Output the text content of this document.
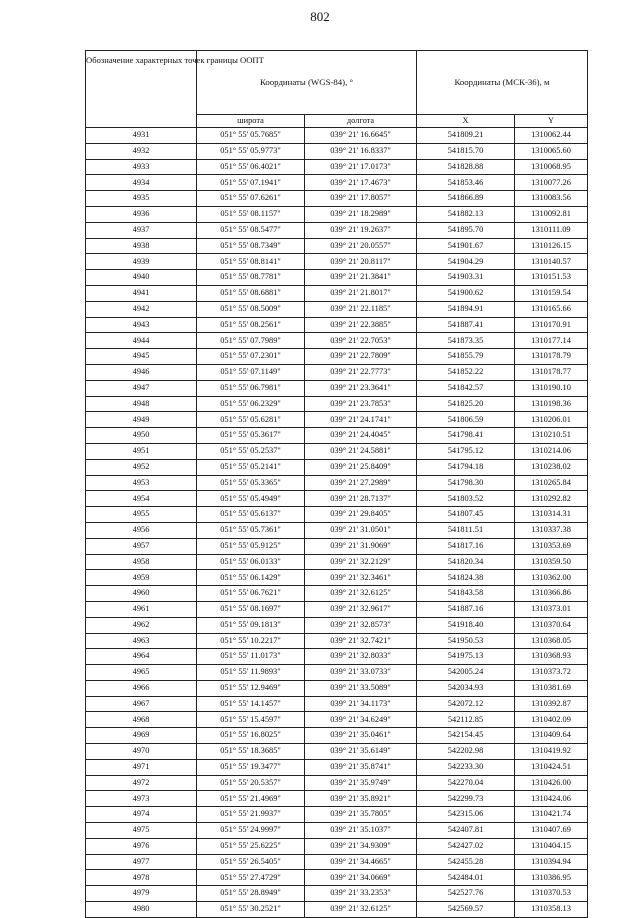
802
Обозначение характерных точек границы ООПТ	Координаты (WGS-84), °		Координаты (МСК-36), м	
	широта	долгота	X	Y
4931	051° 55' 05.7685"	039° 21' 16.6645"	541809.21	1310062.44
4932	051° 55' 05.9773"	039° 21' 16.8337"	541815.70	1310065.60
4933	051° 55' 06.4021"	039° 21' 17.0173"	541828.88	1310068.95
4934	051° 55' 07.1941"	039° 21' 17.4673"	541853.46	1310077.26
4935	051° 55' 07.6261"	039° 21' 17.8057"	541866.89	1310083.56
4936	051° 55' 08.1157"	039° 21' 18.2989"	541882.13	1310092.81
4937	051° 55' 08.5477"	039° 21' 19.2637"	541895.70	1310111.09
4938	051° 55' 08.7349"	039° 21' 20.0557"	541901.67	1310126.15
4939	051° 55' 08.8141"	039° 21' 20.8117"	541904.29	1310140.57
4940	051° 55' 08.7781"	039° 21' 21.3841"	541903.31	1310151.53
4941	051° 55' 08.6881"	039° 21' 21.8017"	541900.62	1310159.54
4942	051° 55' 08.5009"	039° 21' 22.1185"	541894.91	1310165.66
4943	051° 55' 08.2561"	039° 21' 22.3885"	541887.41	1310170.91
4944	051° 55' 07.7989"	039° 21' 22.7053"	541873.35	1310177.14
4945	051° 55' 07.2301"	039° 21' 22.7809"	541855.79	1310178.79
4946	051° 55' 07.1149"	039° 21' 22.7773"	541852.22	1310178.77
4947	051° 55' 06.7981"	039° 21' 23.3641"	541842.57	1310190.10
4948	051° 55' 06.2329"	039° 21' 23.7853"	541825.20	1310198.36
4949	051° 55' 05.6281"	039° 21' 24.1741"	541806.59	1310206.01
4950	051° 55' 05.3617"	039° 21' 24.4045"	541798.41	1310210.51
4951	051° 55' 05.2537"	039° 21' 24.5881"	541795.12	1310214.06
4952	051° 55' 05.2141"	039° 21' 25.8409"	541794.18	1310238.02
4953	051° 55' 05.3365"	039° 21' 27.2989"	541798.30	1310265.84
4954	051° 55' 05.4949"	039° 21' 28.7137"	541803.52	1310292.82
4955	051° 55' 05.6137"	039° 21' 29.8405"	541807.45	1310314.31
4956	051° 55' 05.7361"	039° 21' 31.0501"	541811.51	1310337.38
4957	051° 55' 05.9125"	039° 21' 31.9069"	541817.16	1310353.69
4958	051° 55' 06.0133"	039° 21' 32.2129"	541820.34	1310359.50
4959	051° 55' 06.1429"	039° 21' 32.3461"	541824.38	1310362.00
4960	051° 55' 06.7621"	039° 21' 32.6125"	541843.58	1310366.86
4961	051° 55' 08.1697"	039° 21' 32.9617"	541887.16	1310373.01
4962	051° 55' 09.1813"	039° 21' 32.8573"	541918.40	1310370.64
4963	051° 55' 10.2217"	039° 21' 32.7421"	541950.53	1310368.05
4964	051° 55' 11.0173"	039° 21' 32.8033"	541975.13	1310368.93
4965	051° 55' 11.9893"	039° 21' 33.0733"	542005.24	1310373.72
4966	051° 55' 12.9469"	039° 21' 33.5089"	542034.93	1310381.69
4967	051° 55' 14.1457"	039° 21' 34.1173"	542072.12	1310392.87
4968	051° 55' 15.4597"	039° 21' 34.6249"	542112.85	1310402.09
4969	051° 55' 16.8025"	039° 21' 35.0461"	542154.45	1310409.64
4970	051° 55' 18.3685"	039° 21' 35.6149"	542202.98	1310419.92
4971	051° 55' 19.3477"	039° 21' 35.8741"	542233.30	1310424.51
4972	051° 55' 20.5357"	039° 21' 35.9749"	542270.04	1310426.00
4973	051° 55' 21.4969"	039° 21' 35.8921"	542299.73	1310424.06
4974	051° 55' 21.9937"	039° 21' 35.7805"	542315.06	1310421.74
4975	051° 55' 24.9997"	039° 21' 35.1037"	542407.81	1310407.69
4976	051° 55' 25.6225"	039° 21' 34.9309"	542427.02	1310404.15
4977	051° 55' 26.5405"	039° 21' 34.4665"	542455.28	1310394.94
4978	051° 55' 27.4729"	039° 21' 34.0669"	542484.01	1310386.95
4979	051° 55' 28.8949"	039° 21' 33.2353"	542527.76	1310370.53
4980	051° 55' 30.2521"	039° 21' 32.6125"	542569.57	1310358.13
